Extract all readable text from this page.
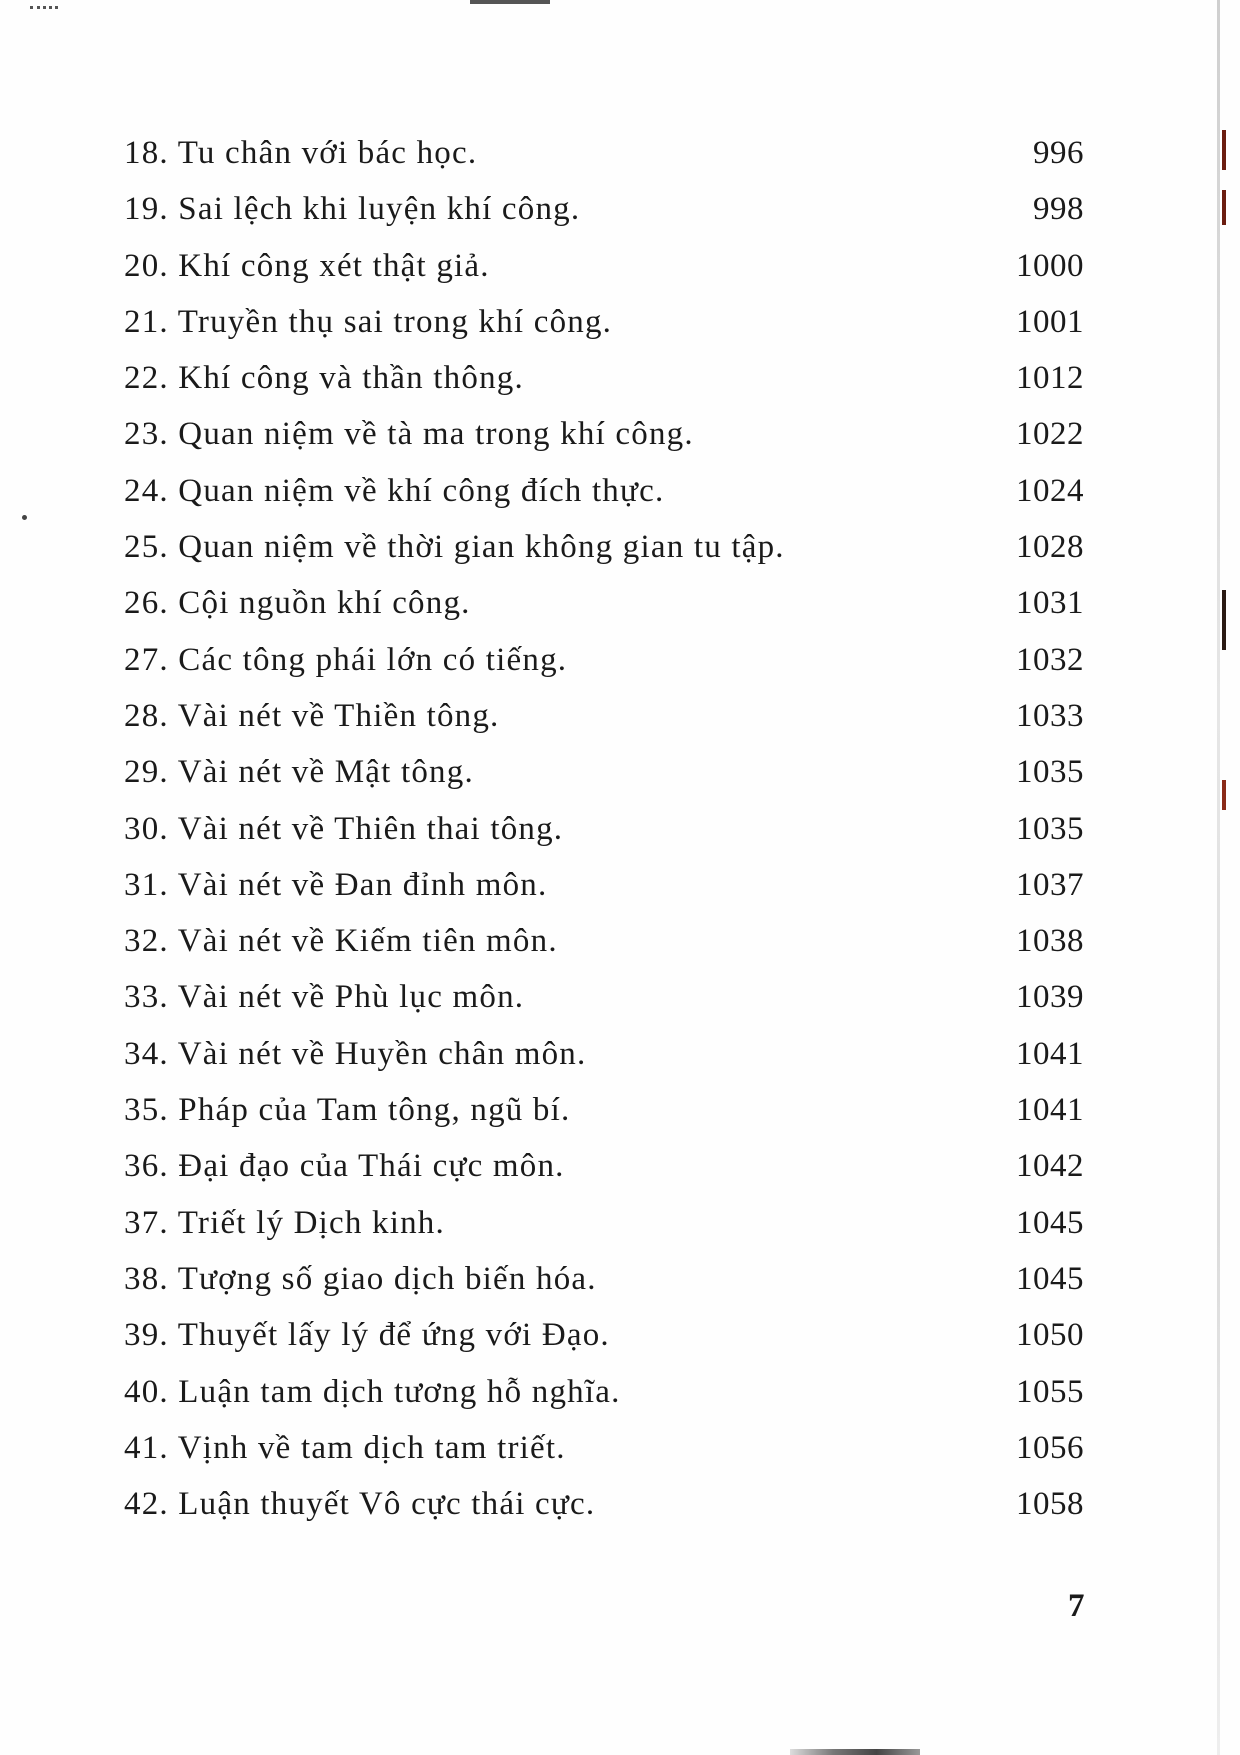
18. Tu chân với bác học.	996
19. Sai lệch khi luyện khí công.	998
20. Khí công xét thật giả.	1000
21. Truyền thụ sai trong khí công.	1001
22. Khí công và thần thông.	1012
23. Quan niệm về tà ma trong khí công.	1022
24. Quan niệm về khí công đích thực.	1024
25. Quan niệm về thời gian không gian tu tập.	1028
26. Cội nguồn khí công.	1031
27. Các tông phái lớn có tiếng.	1032
28. Vài nét về Thiền tông.	1033
29. Vài nét về Mật tông.	1035
30. Vài nét về Thiên thai tông.	1035
31. Vài nét về Đan đỉnh môn.	1037
32. Vài nét về Kiếm tiên môn.	1038
33. Vài nét về Phù lục môn.	1039
34. Vài nét về Huyền chân môn.	1041
35. Pháp của Tam tông, ngũ bí.	1041
36. Đại đạo của Thái cực môn.	1042
37. Triết lý Dịch kinh.	1045
38. Tượng số giao dịch biến hóa.	1045
39. Thuyết lấy lý để ứng với Đạo.	1050
40. Luận tam dịch tương hỗ nghĩa.	1055
41. Vịnh về tam dịch tam triết.	1056
42. Luận thuyết Vô cực thái cực.	1058
7
